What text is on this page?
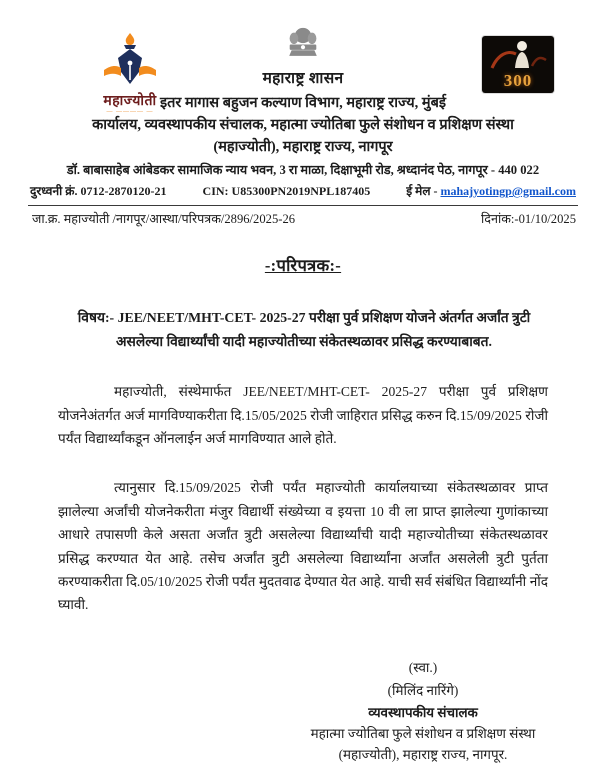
महाज्योती
— ———— —
300
महाराष्ट्र शासन
इतर मागास बहुजन कल्याण विभाग, महाराष्ट्र राज्य, मुंबई
कार्यालय, व्यवस्थापकीय संचालक, महात्मा ज्योतिबा फुले संशोधन व प्रशिक्षण संस्था
(महाज्योती), महाराष्ट्र राज्य, नागपूर
डॉ. बाबासाहेब आंबेडकर सामाजिक न्याय भवन, 3 रा माळा, दिक्षाभूमी रोड, श्रध्दानंद पेठ, नागपूर - 440 022
दुरध्वनी क्रं. 0712-2870120-21	CIN: U85300PN2019NPL187405	ई मेल - mahajyotingp@gmail.com
जा.क्र. महाज्योती /नागपूर/आस्था/परिपत्रक/2896/2025-26	दिनांक:-01/10/2025
-:परिपत्रक:-
विषय:- JEE/NEET/MHT-CET- 2025-27 परीक्षा पुर्व प्रशिक्षण योजने अंतर्गत अर्जांत त्रुटी असलेल्या विद्यार्थ्यांची यादी महाज्योतीच्या संकेतस्थळावर प्रसिद्ध करण्याबाबत.

महाज्योती, संस्थेमार्फत JEE/NEET/MHT-CET- 2025-27 परीक्षा पुर्व प्रशिक्षण योजनेअंतर्गत अर्ज मागविण्याकरीता दि.15/05/2025 रोजी जाहिरात प्रसिद्ध करुन दि.15/09/2025 रोजी पर्यंत विद्यार्थ्यांकडून ऑनलाईन अर्ज मागविण्यात आले होते.

त्यानुसार दि.15/09/2025 रोजी पर्यंत महाज्योती कार्यालयाच्या संकेतस्थळावर प्राप्त झालेल्या अर्जांची योजनेकरीता मंजुर विद्यार्थी संख्येच्या व इयत्ता 10 वी ला प्राप्त झालेल्या गुणांकाच्या आधारे तपासणी केले असता अर्जांत त्रुटी असलेल्या विद्यार्थ्यांची यादी महाज्योतीच्या संकेतस्थळावर प्रसिद्ध करण्यात येत आहे. तसेच अर्जांत त्रुटी असलेल्या विद्यार्थ्यांना अर्जांत असलेली त्रुटी पुर्तता करण्याकरीता दि.05/10/2025 रोजी पर्यंत मुदतवाढ देण्यात येत आहे. याची सर्व संबंधित विद्यार्थ्यांनी नोंद घ्यावी.

(स्वा.)
(मिलिंद नारिंगे)
व्यवस्थापकीय संचालक
महात्मा ज्योतिबा फुले संशोधन व प्रशिक्षण संस्था
(महाज्योती), महाराष्ट्र राज्य, नागपूर.
